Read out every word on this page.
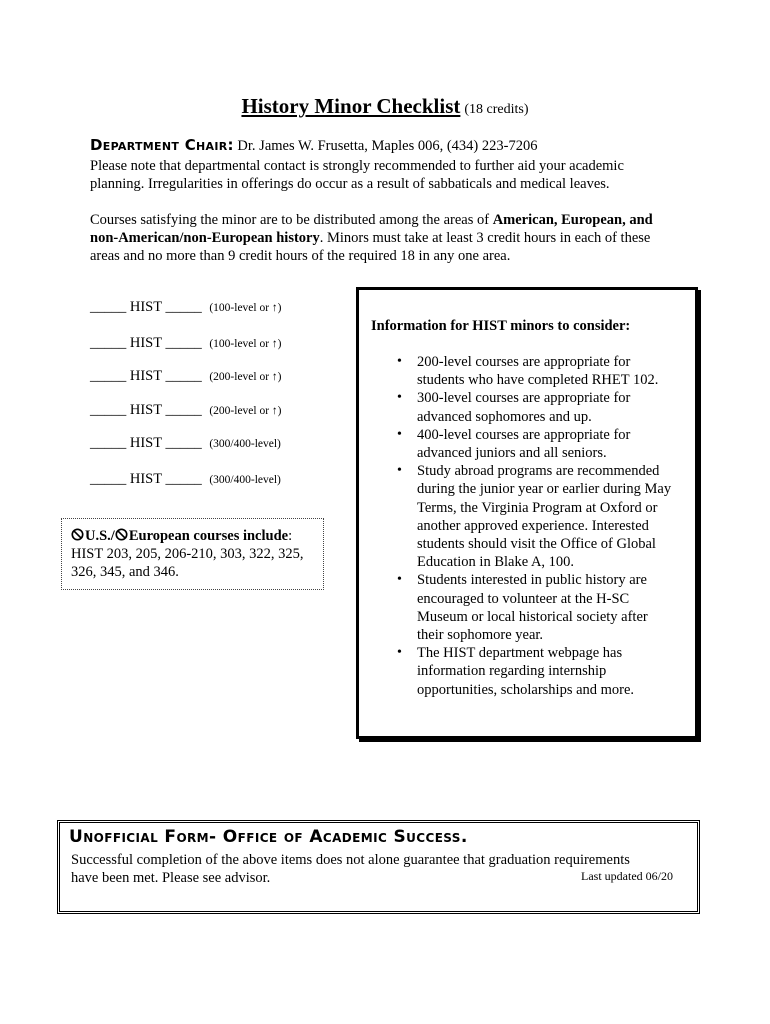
History Minor Checklist (18 credits)
Department Chair: Dr. James W. Frusetta, Maples 006, (434) 223-7206
Please note that departmental contact is strongly recommended to further aid your academic
planning. Irregularities in offerings do occur as a result of sabbaticals and medical leaves.
Courses satisfying the minor are to be distributed among the areas of American, European, and
non-American/non-European history. Minors must take at least 3 credit hours in each of these
areas and no more than 9 credit hours of the required 18 in any one area.
_____ HIST _____ (100-level or ↑)
_____ HIST _____ (100-level or ↑)
_____ HIST _____ (200-level or ↑)
_____ HIST _____ (200-level or ↑)
_____ HIST _____ (300/400-level)
_____ HIST _____ (300/400-level)
U.S./ European courses include:
HIST 203, 205, 206-210, 303, 322, 325,
326, 345, and 346.
Information for HIST minors to consider:
• 200-level courses are appropriate for
students who have completed RHET 102.
• 300-level courses are appropriate for
advanced sophomores and up.
• 400-level courses are appropriate for
advanced juniors and all seniors.
• Study abroad programs are recommended
during the junior year or earlier during May
Terms, the Virginia Program at Oxford or
another approved experience. Interested
students should visit the Office of Global
Education in Blake A, 100.
• Students interested in public history are
encouraged to volunteer at the H-SC
Museum or local historical society after
their sophomore year.
• The HIST department webpage has
information regarding internship
opportunities, scholarships and more.
Unofficial Form- Office of Academic Success.
Successful completion of the above items does not alone guarantee that graduation requirements
have been met. Please see advisor.	Last updated 06/20
